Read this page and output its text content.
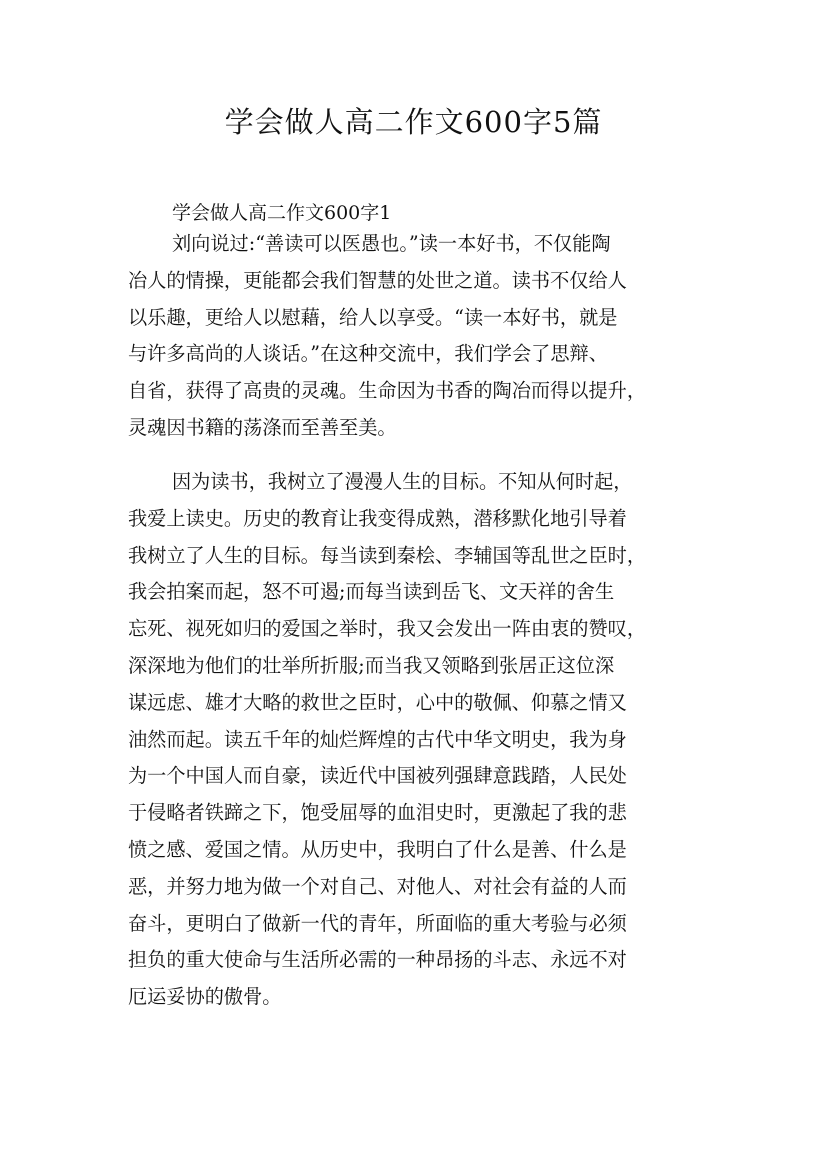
学会做人高二作文600字5篇

学会做人高二作文600字1

刘向说过:“善读可以医愚也。”读一本好书，不仅能陶
冶人的情操，更能都会我们智慧的处世之道。读书不仅给人
以乐趣，更给人以慰藉，给人以享受。“读一本好书，就是
与许多高尚的人谈话。”在这种交流中，我们学会了思辩、
自省，获得了高贵的灵魂。生命因为书香的陶冶而得以提升，
灵魂因书籍的荡涤而至善至美。
因为读书，我树立了漫漫人生的目标。不知从何时起，
我爱上读史。历史的教育让我变得成熟，潜移默化地引导着
我树立了人生的目标。每当读到秦桧、李辅国等乱世之臣时，
我会拍案而起，怒不可遏;而每当读到岳飞、文天祥的舍生
忘死、视死如归的爱国之举时，我又会发出一阵由衷的赞叹，
深深地为他们的壮举所折服;而当我又领略到张居正这位深
谋远虑、雄才大略的救世之臣时，心中的敬佩、仰慕之情又
油然而起。读五千年的灿烂辉煌的古代中华文明史，我为身
为一个中国人而自豪，读近代中国被列强肆意践踏，人民处
于侵略者铁蹄之下，饱受屈辱的血泪史时，更激起了我的悲
愤之感、爱国之情。从历史中，我明白了什么是善、什么是
恶，并努力地为做一个对自己、对他人、对社会有益的人而
奋斗，更明白了做新一代的青年，所面临的重大考验与必须
担负的重大使命与生活所必需的一种昂扬的斗志、永远不对
厄运妥协的傲骨。
